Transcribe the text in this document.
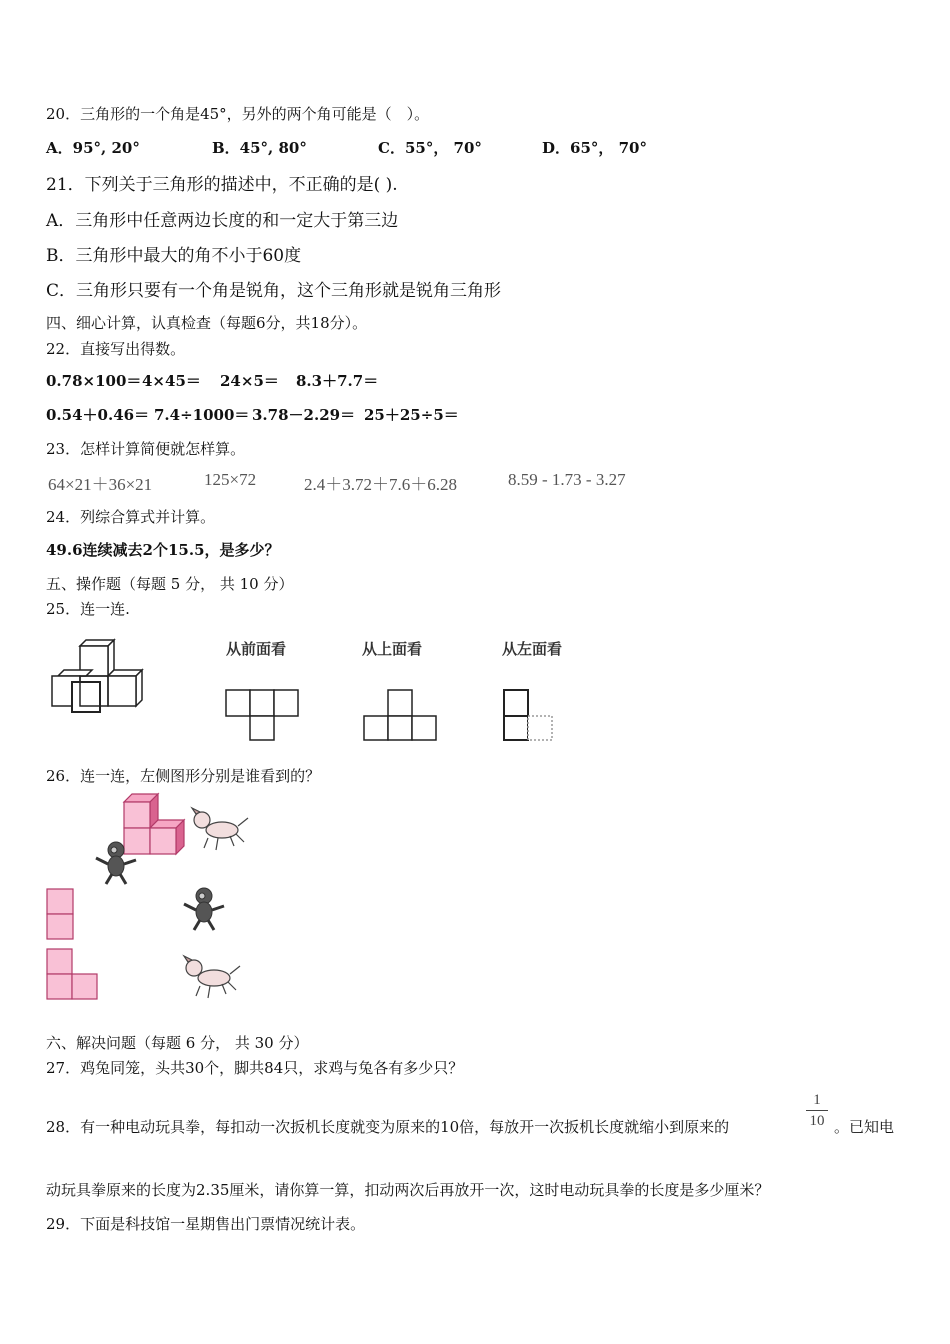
20．三角形的一个角是45°，另外的两个角可能是（　）。
A．95°, 20°	B．45°, 80°	C．55°， 70°	D．65°， 70°
21．下列关于三角形的描述中，不正确的是( ).
A．三角形中任意两边长度的和一定大于第三边
B．三角形中最大的角不小于60度
C．三角形只要有一个角是锐角，这个三角形就是锐角三角形
四、细心计算，认真检查（每题6分，共18分）。
22．直接写出得数。
0.78×100＝ 4×45＝ 24×5＝ 8.3＋7.7＝
0.54＋0.46＝ 7.4÷1000＝ 3.78－2.29＝ 25＋25÷5＝
23．怎样计算简便就怎样算。
64×21＋36×21	125×72	2.4＋3.72＋7.6＋6.28	8.59 - 1.73 - 3.27
24．列综合算式并计算。
49.6连续减去2个15.5，是多少？
五、操作题（每题 5 分， 共 10 分）
25．连一连.
从前面看	从上面看	从左面看
26．连一连，左侧图形分别是谁看到的？
六、解决问题（每题 6 分， 共 30 分）
27．鸡兔同笼，头共30个，脚共84只，求鸡与兔各有多少只？
28．有一种电动玩具拳，每扣动一次扳机长度就变为原来的10倍，每放开一次扳机长度就缩小到原来的	$\frac{1}{10}$ 。已知电
动玩具拳原来的长度为2.35厘米，请你算一算，扣动两次后再放开一次，这时电动玩具拳的长度是多少厘米？
29．下面是科技馆一星期售出门票情况统计表。
